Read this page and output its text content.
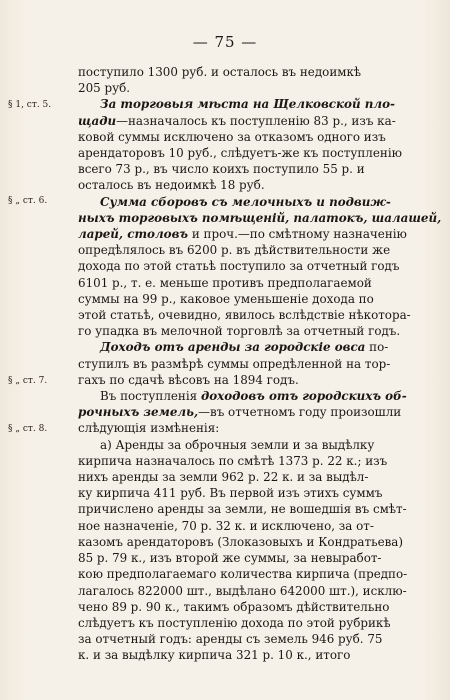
— 75 —
§ 1, ст. 5.
§ „ ст. 6.
§ „ ст. 7.
§ „ ст. 8.
поступило 1300 руб. и осталось въ недоимкѣ
205 руб.
За торговыя мѣста на Щелковской пло-
щади—назначалось къ поступленію 83 р., изъ ка-
ковой суммы исключено за отказомъ одного изъ
арендаторовъ 10 руб., слѣдуетъ-же къ поступленію
всего 73 р., въ число коихъ поступило 55 р. и
осталось въ недоимкѣ 18 руб.
Сумма сборовъ съ мелочныхъ и подвиж-
ныхъ торговыхъ помѣщеній, палатокъ, шалашей,
ларей, столовъ и проч.—по смѣтному назначенію
опредѣлялось въ 6200 р. въ дѣйствительности же
дохода по этой статьѣ поступило за отчетный годъ
6101 р., т. е. меньше противъ предполагаемой
суммы на 99 р., каковое уменьшеніе дохода по
этой статьѣ, очевидно, явилось вслѣдствіе нѣкотора-
го упадка въ мелочной торговлѣ за отчетный годъ.
Доходъ отъ аренды за городскіе овса по-
ступилъ въ размѣрѣ суммы опредѣленной на тор-
гахъ по сдачѣ вѣсовъ на 1894 годъ.
Въ поступленія доходовъ отъ городскихъ об-
рочныхъ земель,—въ отчетномъ году произошли
слѣдующія измѣненія:
а) Аренды за оброчныя земли и за выдѣлку
кирпича назначалось по смѣтѣ 1373 р. 22 к.; изъ
нихъ аренды за земли 962 р. 22 к. и за выдѣл-
ку кирпича 411 руб. Въ первой изъ этихъ суммъ
причислено аренды за земли, не вошедшія въ смѣт-
ное назначеніе, 70 р. 32 к. и исключено, за от-
казомъ арендаторовъ (Злоказовыхъ и Кондратьева)
85 р. 79 к., изъ второй же суммы, за невыработ-
кою предполагаемаго количества кирпича (предпо-
лагалось 822000 шт., выдѣлано 642000 шт.), исклю-
чено 89 р. 90 к., такимъ образомъ дѣйствительно
слѣдуетъ къ поступленію дохода по этой рубрикѣ
за отчетный годъ: аренды съ земель 946 руб. 75
к. и за выдѣлку кирпича 321 р. 10 к., итого
